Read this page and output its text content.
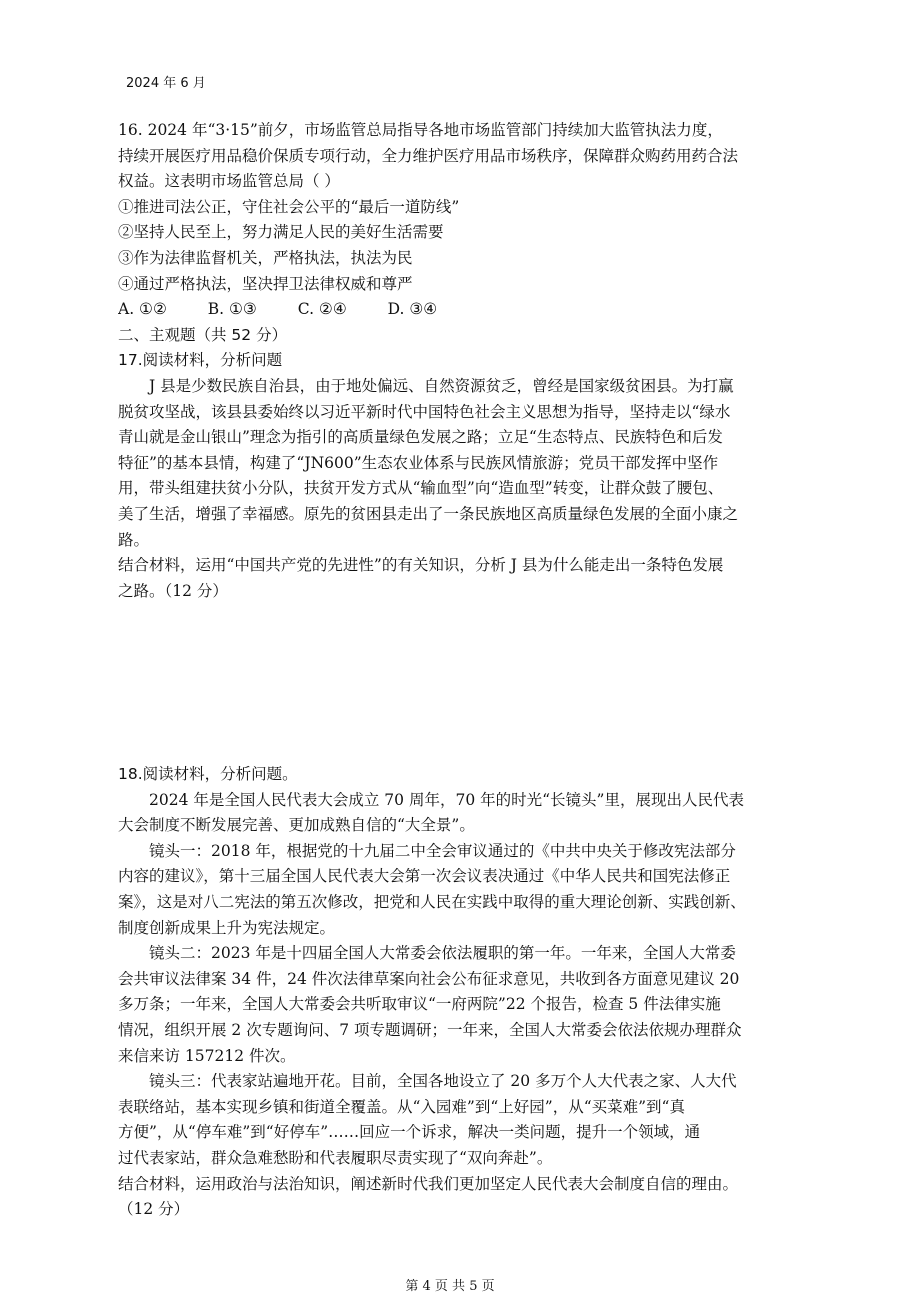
2024 年 6 月
16. 2024 年“3·15”前夕，市场监管总局指导各地市场监管部门持续加大监管执法力度，
持续开展医疗用品稳价保质专项行动，全力维护医疗用品市场秩序，保障群众购药用药合法
权益。这表明市场监管总局（ ）
①推进司法公正，守住社会公平的“最后一道防线”
②坚持人民至上，努力满足人民的美好生活需要
③作为法律监督机关，严格执法，执法为民
④通过严格执法，坚决捍卫法律权威和尊严
A. ①②	B. ①③	C. ②④	D. ③④
二、主观题（共 52 分）
17.阅读材料，分析问题
J 县是少数民族自治县，由于地处偏远、自然资源贫乏，曾经是国家级贫困县。为打赢
脱贫攻坚战，该县县委始终以习近平新时代中国特色社会主义思想为指导，坚持走以“绿水
青山就是金山银山”理念为指引的高质量绿色发展之路；立足“生态特点、民族特色和后发
特征”的基本县情，构建了“JN600”生态农业体系与民族风情旅游；党员干部发挥中坚作
用，带头组建扶贫小分队，扶贫开发方式从“输血型”向“造血型”转变，让群众鼓了腰包、
美了生活，增强了幸福感。原先的贫困县走出了一条民族地区高质量绿色发展的全面小康之
路。
结合材料，运用“中国共产党的先进性”的有关知识，分析 J 县为什么能走出一条特色发展
之路。（12 分）
18.阅读材料，分析问题。
2024 年是全国人民代表大会成立 70 周年，70 年的时光“长镜头”里，展现出人民代表
大会制度不断发展完善、更加成熟自信的“大全景”。
镜头一：2018 年，根据党的十九届二中全会审议通过的《中共中央关于修改宪法部分
内容的建议》，第十三届全国人民代表大会第一次会议表决通过《中华人民共和国宪法修正
案》，这是对八二宪法的第五次修改，把党和人民在实践中取得的重大理论创新、实践创新、
制度创新成果上升为宪法规定。
镜头二：2023 年是十四届全国人大常委会依法履职的第一年。一年来，全国人大常委
会共审议法律案 34 件，24 件次法律草案向社会公布征求意见，共收到各方面意见建议 20
多万条；一年来，全国人大常委会共听取审议“一府两院”22 个报告，检查 5 件法律实施
情况，组织开展 2 次专题询问、7 项专题调研；一年来，全国人大常委会依法依规办理群众
来信来访 157212 件次。
镜头三：代表家站遍地开花。目前，全国各地设立了 20 多万个人大代表之家、人大代
表联络站，基本实现乡镇和街道全覆盖。从“入园难”到“上好园”，从“买菜难”到“真
方便”，从“停车难”到“好停车”……回应一个诉求，解决一类问题，提升一个领域，通
过代表家站，群众急难愁盼和代表履职尽责实现了“双向奔赴”。
结合材料，运用政治与法治知识，阐述新时代我们更加坚定人民代表大会制度自信的理由。
（12 分）
第 4 页 共 5 页
